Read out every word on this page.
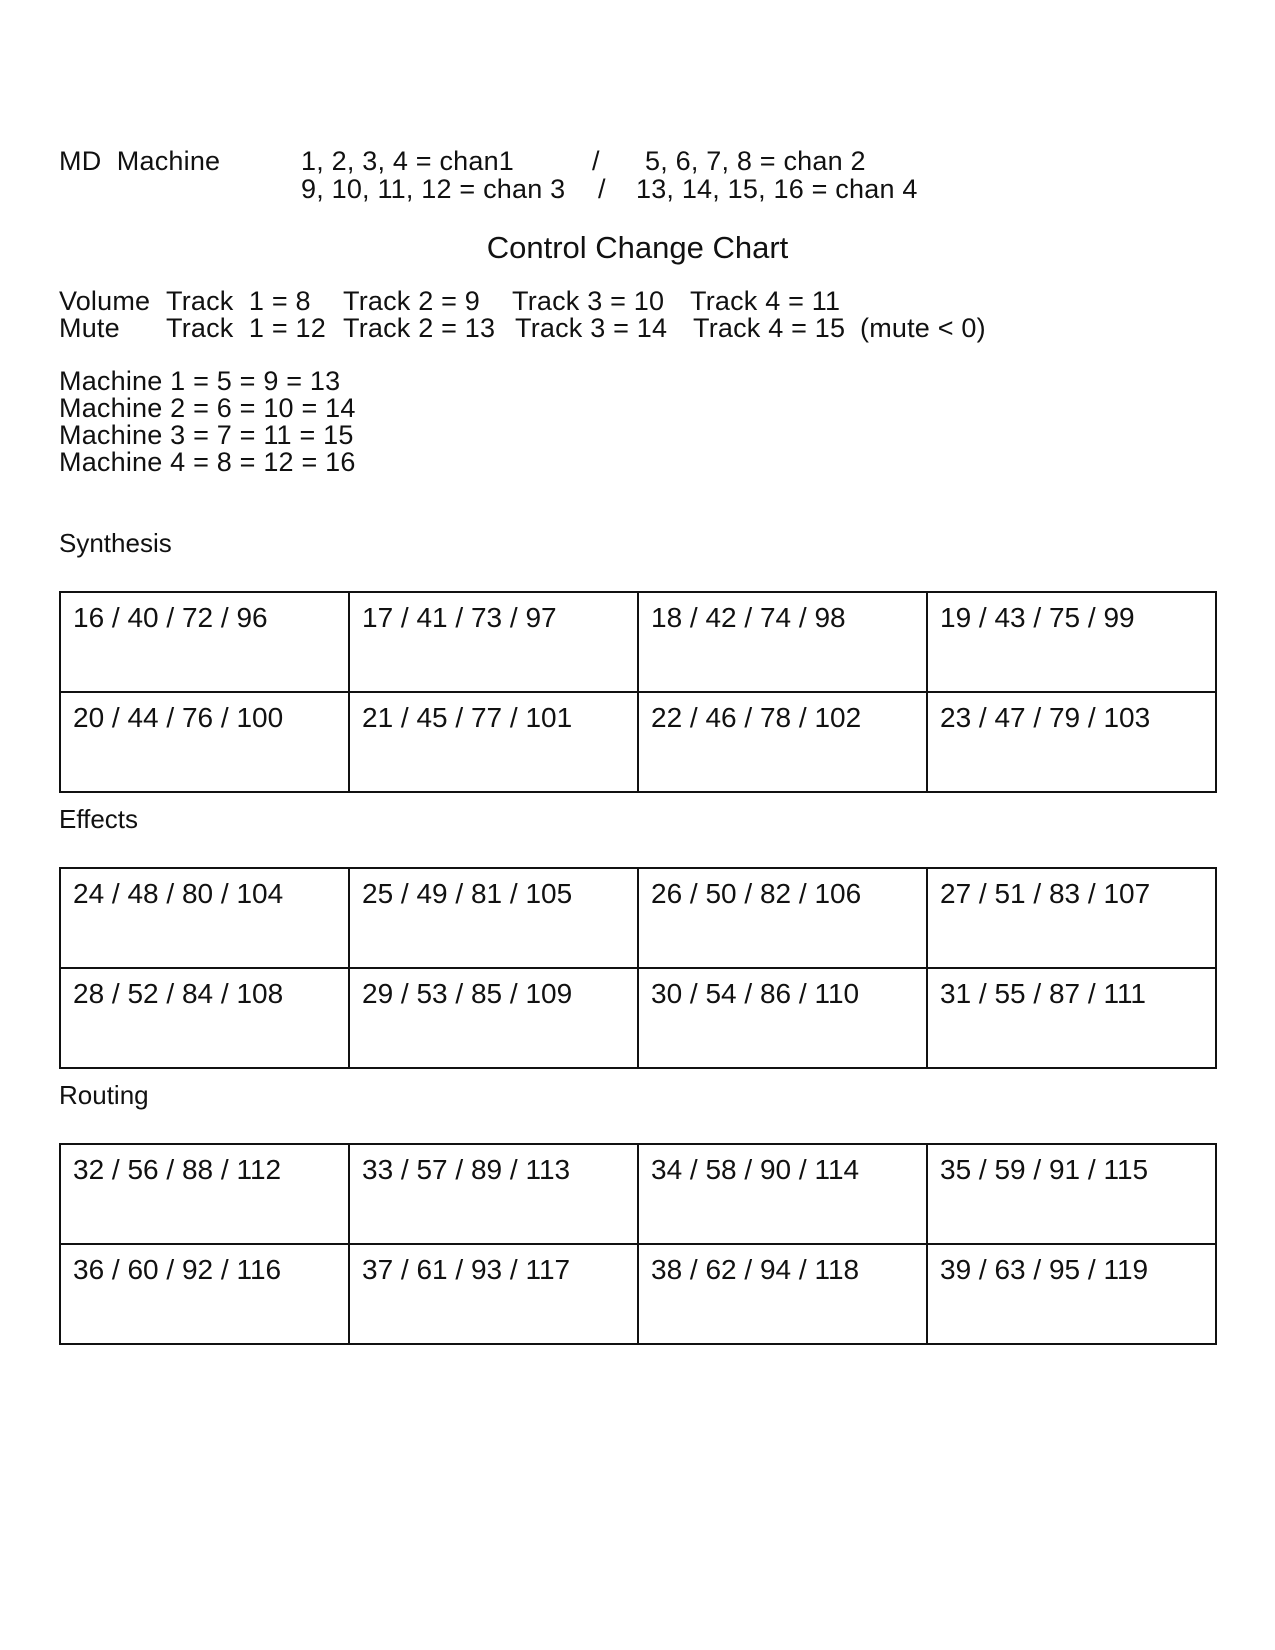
MD  Machine	1, 2, 3, 4 = chan1	/ 5, 6, 7, 8 = chan 2
9, 10, 11, 12 = chan 3 / 13, 14, 15, 16 = chan 4
Control Change Chart
Volume Track  1 = 8 Track 2 = 9 Track 3 = 10 Track 4 = 11
Mute Track  1 = 12 Track 2 = 13 Track 3 = 14 Track 4 = 15 (mute < 0)
Machine 1 = 5 = 9 = 13
Machine 2 = 6 = 10 = 14
Machine 3 = 7 = 11 = 15
Machine 4 = 8 = 12 = 16
Synthesis
16 / 40 / 72 / 96	17 / 41 / 73 / 97	18 / 42 / 74 / 98	19 / 43 / 75 / 99
20 / 44 / 76 / 100	21 / 45 / 77 / 101	22 / 46 / 78 / 102	23 / 47 / 79 / 103
Effects
24 / 48 / 80 / 104	25 / 49 / 81 / 105	26 / 50 / 82 / 106	27 / 51 / 83 / 107
28 / 52 / 84 / 108	29 / 53 / 85 / 109	30 / 54 / 86 / 110	31 / 55 / 87 / 111
Routing
32 / 56 / 88 / 112	33 / 57 / 89 / 113	34 / 58 / 90 / 114	35 / 59 / 91 / 115
36 / 60 / 92 / 116	37 / 61 / 93 / 117	38 / 62 / 94 / 118	39 / 63 / 95 / 119
